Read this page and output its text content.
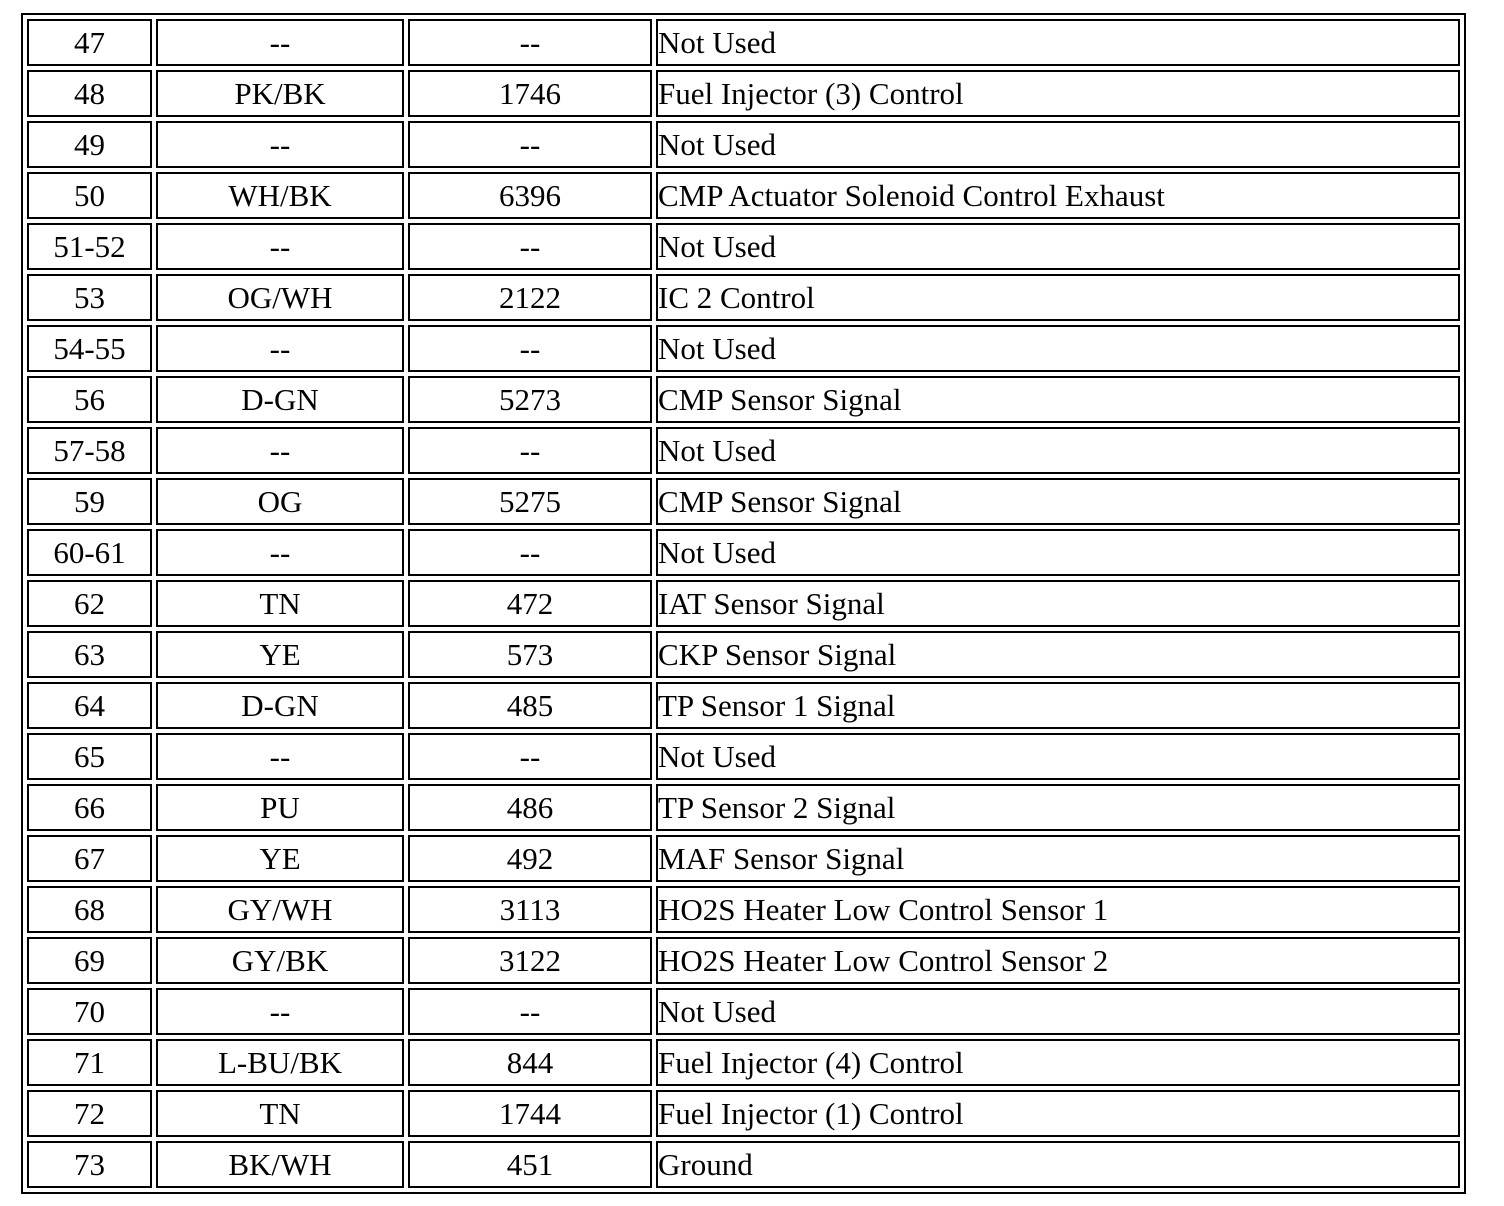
47	--	--	Not Used
48	PK/BK	1746	Fuel Injector (3) Control
49	--	--	Not Used
50	WH/BK	6396	CMP Actuator Solenoid Control Exhaust
51-52	--	--	Not Used
53	OG/WH	2122	IC 2 Control
54-55	--	--	Not Used
56	D-GN	5273	CMP Sensor Signal
57-58	--	--	Not Used
59	OG	5275	CMP Sensor Signal
60-61	--	--	Not Used
62	TN	472	IAT Sensor Signal
63	YE	573	CKP Sensor Signal
64	D-GN	485	TP Sensor 1 Signal
65	--	--	Not Used
66	PU	486	TP Sensor 2 Signal
67	YE	492	MAF Sensor Signal
68	GY/WH	3113	HO2S Heater Low Control Sensor 1
69	GY/BK	3122	HO2S Heater Low Control Sensor 2
70	--	--	Not Used
71	L-BU/BK	844	Fuel Injector (4) Control
72	TN	1744	Fuel Injector (1) Control
73	BK/WH	451	Ground
